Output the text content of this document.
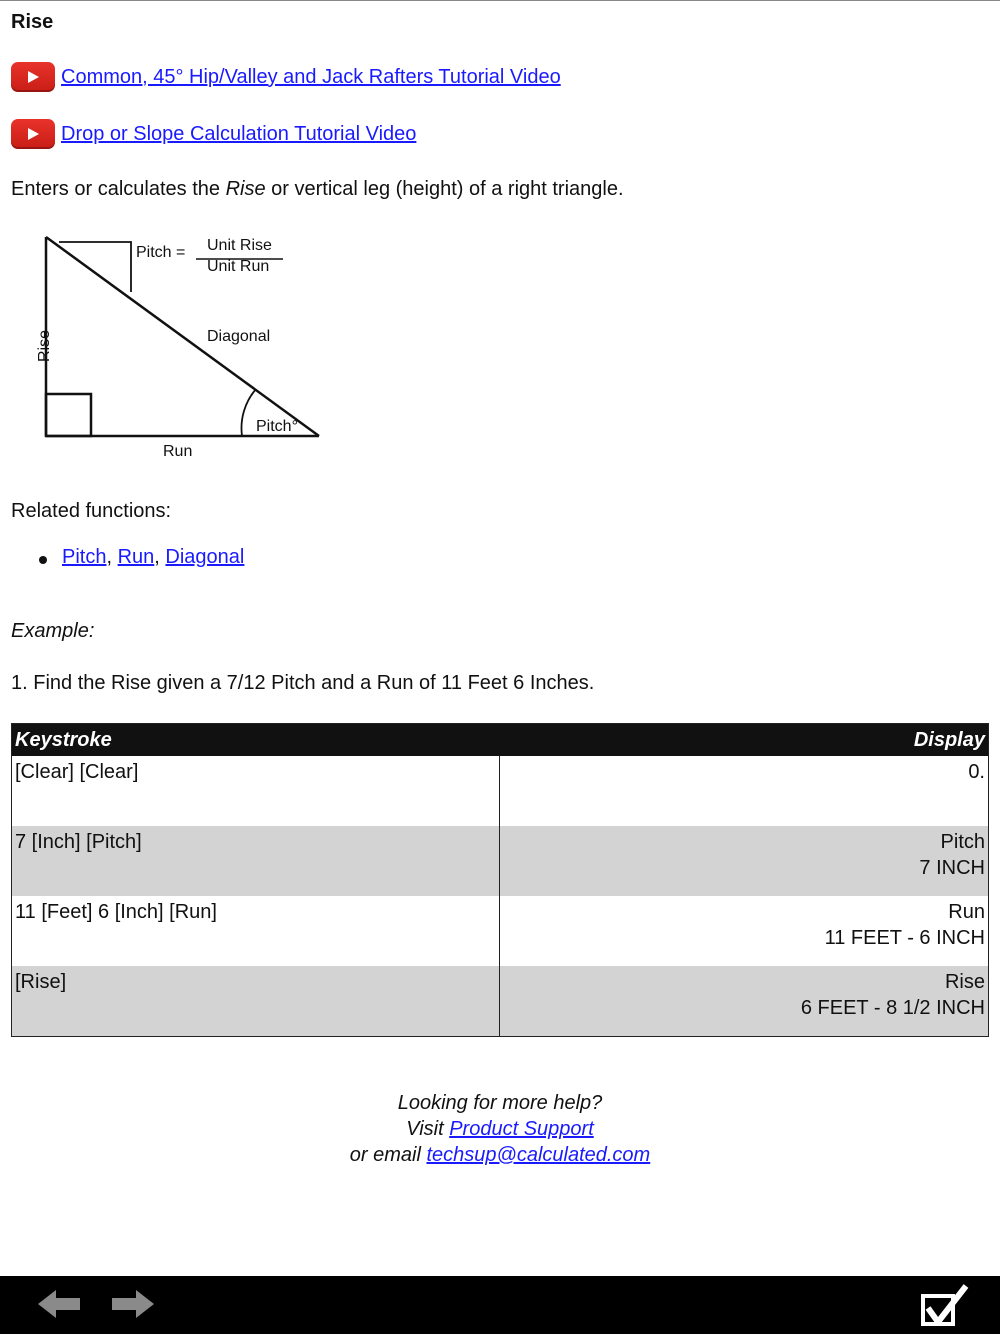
Rise
Common, 45° Hip/Valley and Jack Rafters Tutorial Video
Drop or Slope Calculation Tutorial Video

Enters or calculates the Rise or vertical leg (height) of a right triangle.

Pitch = Unit Rise
Unit Run
Diagonal
Rise
Run
Pitch°

Related functions:

Pitch, Run, Diagonal

Example:

1. Find the Rise given a 7/12 Pitch and a Run of 11 Feet 6 Inches.

Keystroke	Display
[Clear] [Clear]	0.

7 [Inch] [Pitch]	Pitch
7 INCH

11 [Feet] 6 [Inch] [Run]	Run
11 FEET - 6 INCH

[Rise]	Rise
6 FEET - 8 1/2 INCH
Looking for more help?
Visit Product Support
or email techsup@calculated.com
